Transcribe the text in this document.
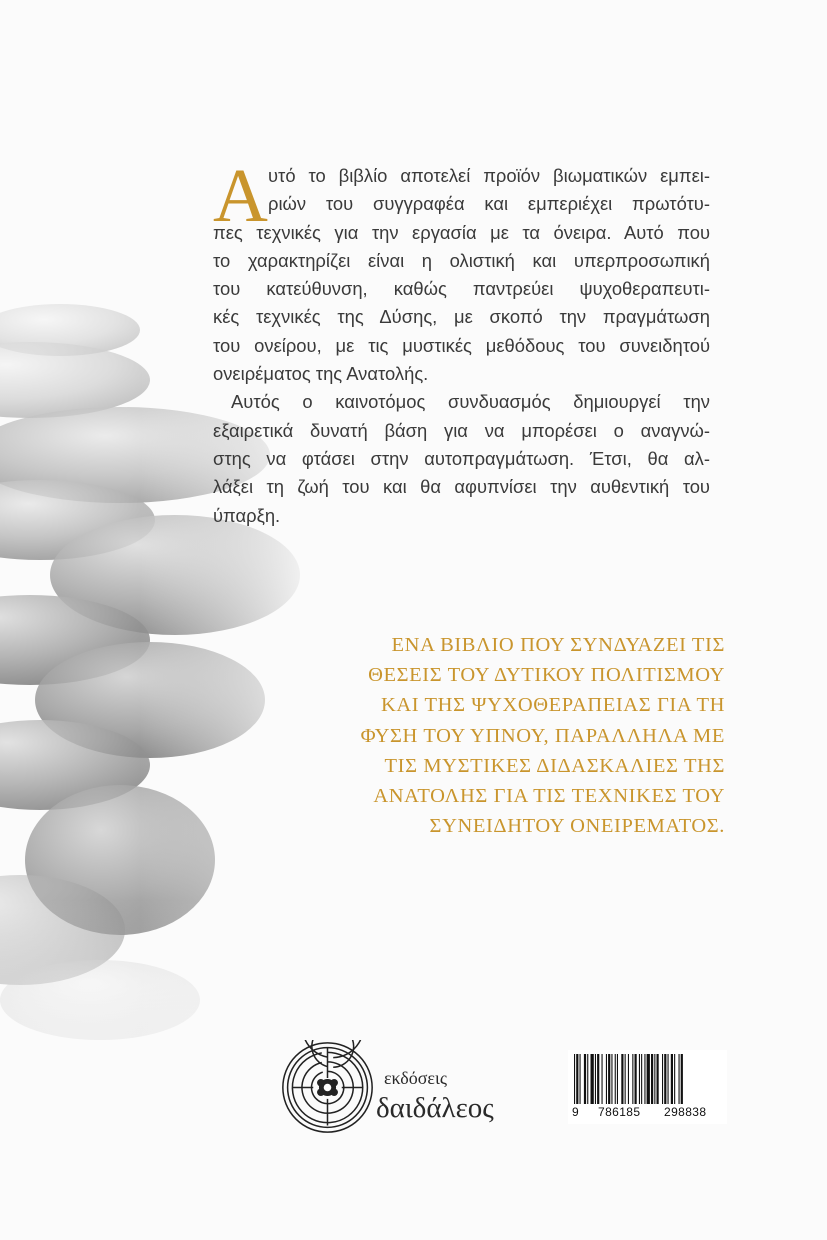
Α υτό το βιβλίο αποτελεί προϊόν βιωματικών εμπει-
ριών του συγγραφέα και εμπεριέχει πρωτότυ-
πες τεχνικές για την εργασία με τα όνειρα. Αυτό που
το χαρακτηρίζει είναι η ολιστική και υπερπροσωπική
του κατεύθυνση, καθώς παντρεύει ψυχοθεραπευτι-
κές τεχνικές της Δύσης, με σκοπό την πραγμάτωση
του ονείρου, με τις μυστικές μεθόδους του συνειδητού
ονειρέματος της Ανατολής.
Αυτός ο καινοτόμος συνδυασμός δημιουργεί την
εξαιρετικά δυνατή βάση για να μπορέσει ο αναγνώ-
στης να φτάσει στην αυτοπραγμάτωση. Έτσι, θα αλ-
λάξει τη ζωή του και θα αφυπνίσει την αυθεντική του
ύπαρξη.
ΕΝΑ ΒΙΒΛΙΟ ΠΟΥ ΣΥΝΔΥΑΖΕΙ ΤΙΣ
ΘΕΣΕΙΣ ΤΟΥ ΔΥΤΙΚΟΥ ΠΟΛΙΤΙΣΜΟΥ
ΚΑΙ ΤΗΣ ΨΥΧΟΘΕΡΑΠΕΙΑΣ ΓΙΑ ΤΗ
ΦΥΣΗ ΤΟΥ ΥΠΝΟΥ, ΠΑΡΑΛΛΗΛΑ ΜΕ
ΤΙΣ ΜΥΣΤΙΚΕΣ ΔΙΔΑΣΚΑΛΙΕΣ ΤΗΣ
ΑΝΑΤΟΛΗΣ ΓΙΑ ΤΙΣ ΤΕΧΝΙΚΕΣ ΤΟΥ
ΣΥΝΕΙΔΗΤΟΥ ΟΝΕΙΡΕΜΑΤΟΣ.
εκδόσεις
δαιδάλεος	9 786185 298838
